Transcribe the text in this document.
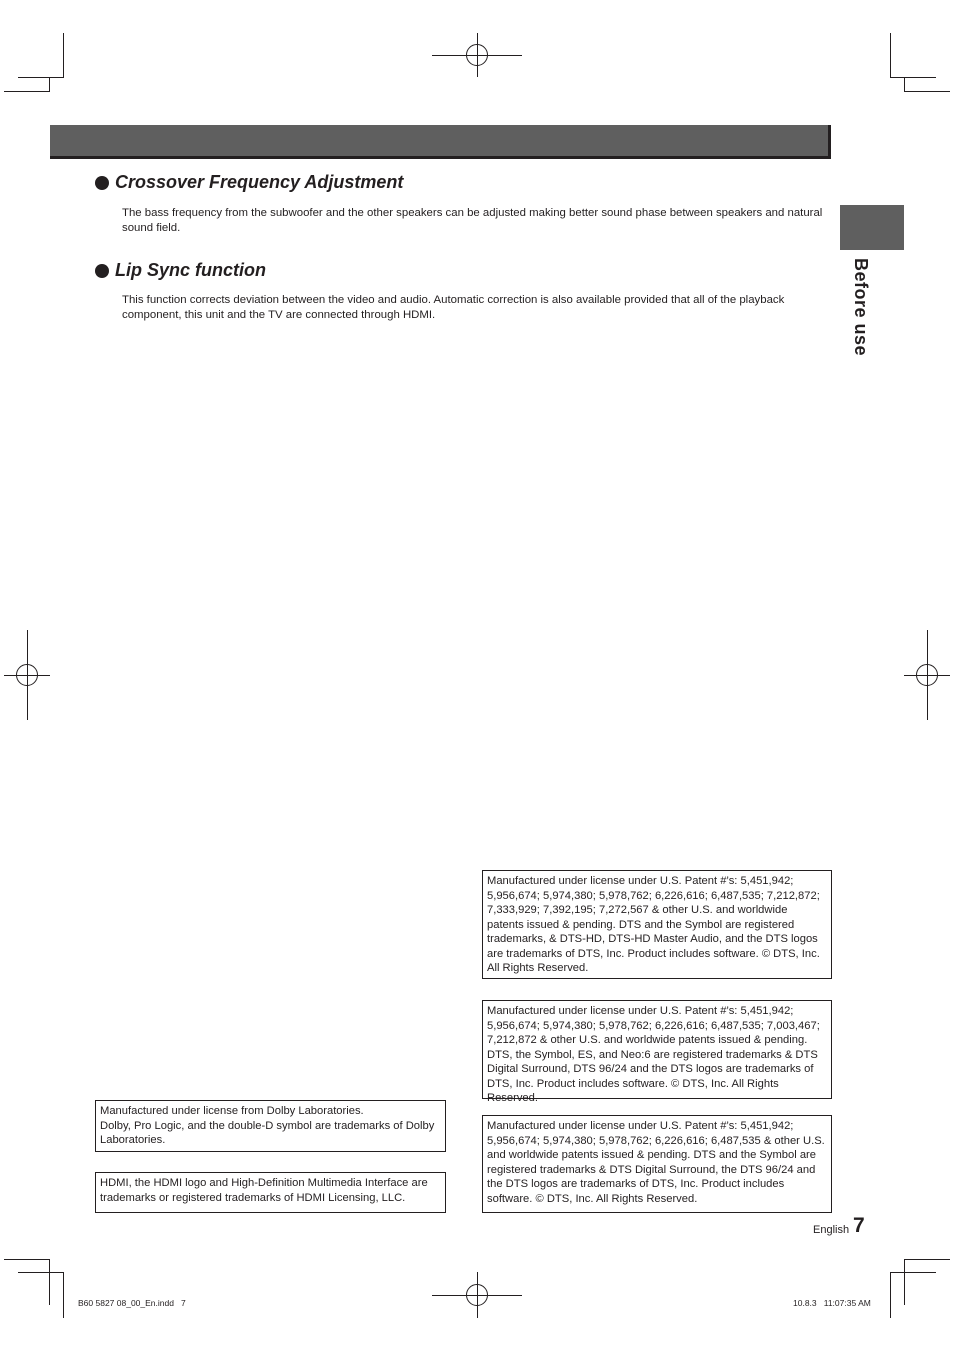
Before use
Crossover Frequency Adjustment
The bass frequency from the subwoofer and the other speakers can be adjusted making better sound phase between speakers and natural sound field.
Lip Sync function
This function corrects deviation between the video and audio. Automatic correction is also available provided that all of the playback component, this unit and the TV are connected through HDMI.
Manufactured under license from Dolby Laboratories.
Dolby, Pro Logic, and the double-D symbol are trademarks of Dolby Laboratories.
HDMI, the HDMI logo and High-Definition Multimedia Interface are trademarks or registered trademarks of HDMI Licensing, LLC.
Manufactured under license under U.S. Patent #’s: 5,451,942; 5,956,674; 5,974,380; 5,978,762; 6,226,616; 6,487,535; 7,212,872; 7,333,929; 7,392,195; 7,272,567 & other U.S. and worldwide patents issued & pending. DTS and the Symbol are registered trademarks, & DTS-HD, DTS-HD Master Audio, and the DTS logos are trademarks of DTS, Inc. Product includes software. © DTS, Inc. All Rights Reserved.
Manufactured under license under U.S. Patent #’s: 5,451,942; 5,956,674; 5,974,380; 5,978,762; 6,226,616; 6,487,535; 7,003,467; 7,212,872 & other U.S. and worldwide patents issued & pending. DTS, the Symbol, ES, and Neo:6 are registered trademarks & DTS Digital Surround, DTS 96/24 and the DTS logos are trademarks of DTS, Inc. Product includes software. © DTS, Inc. All Rights Reserved.
Manufactured under license under U.S. Patent #’s: 5,451,942; 5,956,674; 5,974,380; 5,978,762; 6,226,616; 6,487,535 & other U.S. and worldwide patents issued & pending. DTS and the Symbol are registered trademarks & DTS Digital Surround, the DTS 96/24 and the DTS logos are trademarks of DTS, Inc. Product includes software. © DTS, Inc. All Rights Reserved.
English 7
B60 5827 08_00_En.indd   7	10.8.3   11:07:35 AM
